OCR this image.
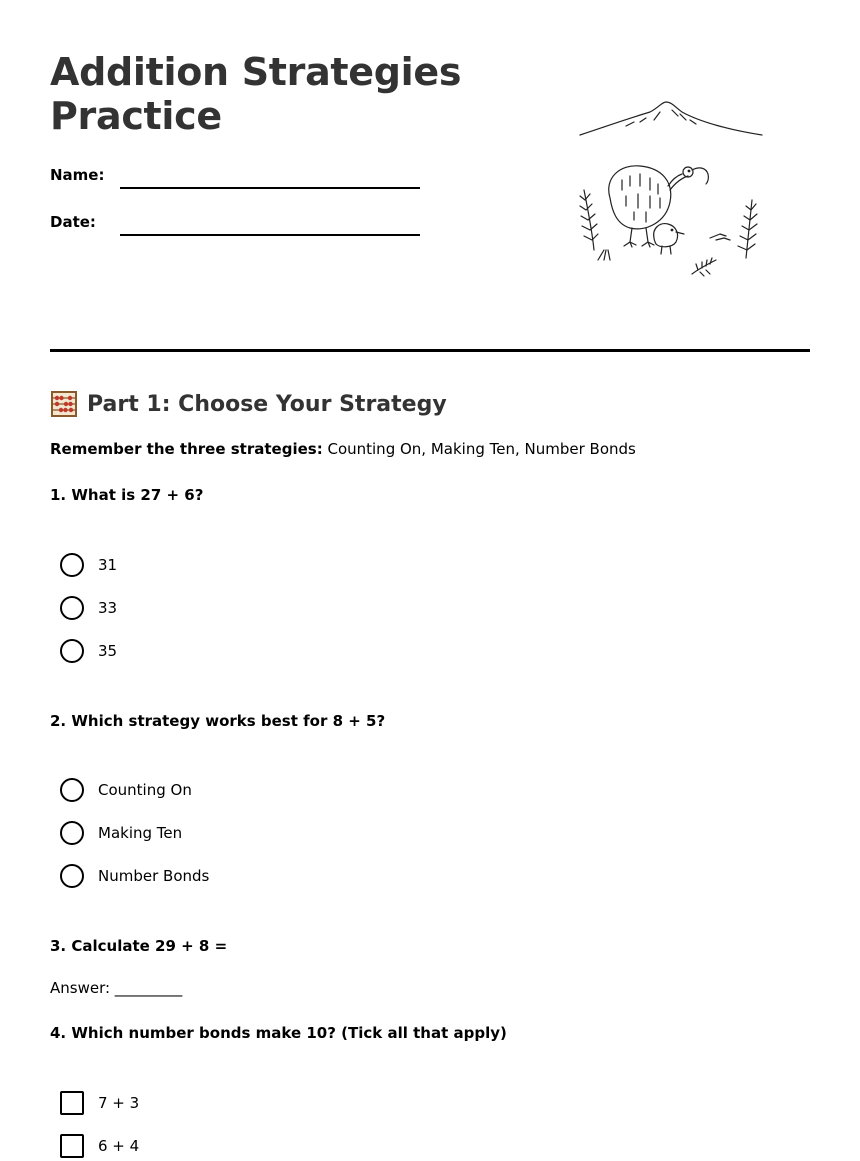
Addition Strategies
Practice
Name:
Date:
Part 1: Choose Your Strategy
Remember the three strategies: Counting On, Making Ten, Number Bonds
1. What is 27 + 6?
31
33
35
2. Which strategy works best for 8 + 5?
Counting On
Making Ten
Number Bonds
3. Calculate 29 + 8 =
Answer: _________
4. Which number bonds make 10? (Tick all that apply)
7 + 3
6 + 4
